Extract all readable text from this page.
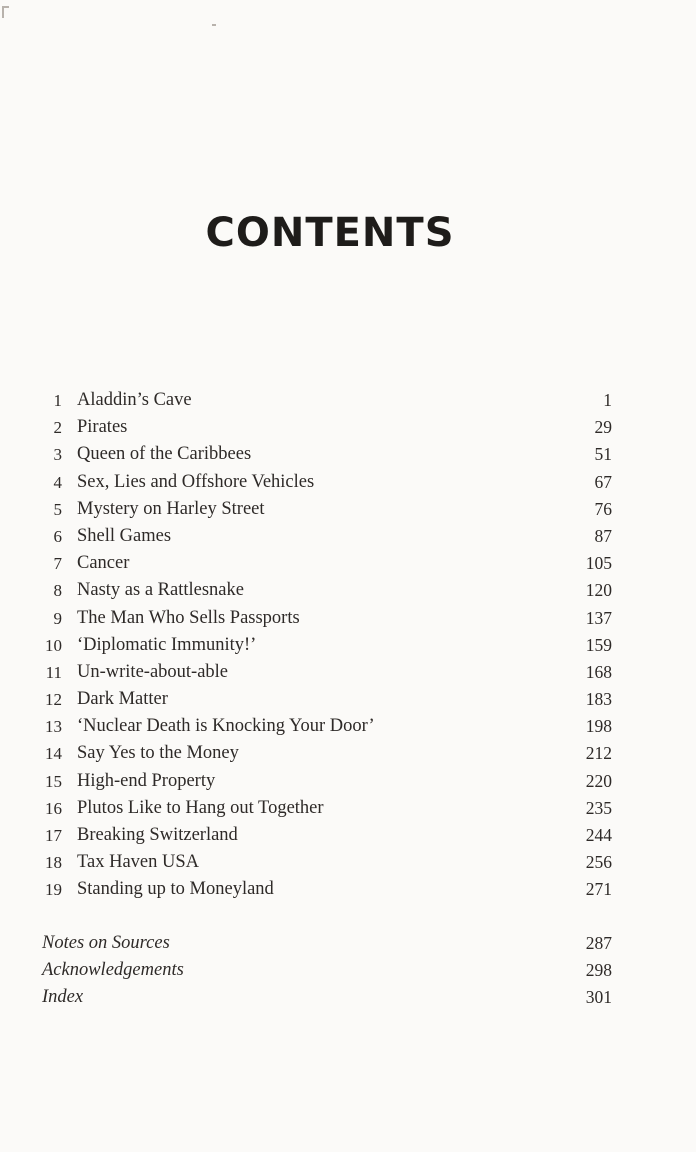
CONTENTS
1 Aladdin’s Cave	1
2 Pirates	29
3 Queen of the Caribbees	51
4 Sex, Lies and Offshore Vehicles	67
5 Mystery on Harley Street	76
6 Shell Games	87
7 Cancer	105
8 Nasty as a Rattlesnake	120
9 The Man Who Sells Passports	137
10 ‘Diplomatic Immunity!’	159
11 Un-write-about-able	168
12 Dark Matter	183
13 ‘Nuclear Death is Knocking Your Door’	198
14 Say Yes to the Money	212
15 High-end Property	220
16 Plutos Like to Hang out Together	235
17 Breaking Switzerland	244
18 Tax Haven USA	256
19 Standing up to Moneyland	271
Notes on Sources	287
Acknowledgements	298
Index	301
